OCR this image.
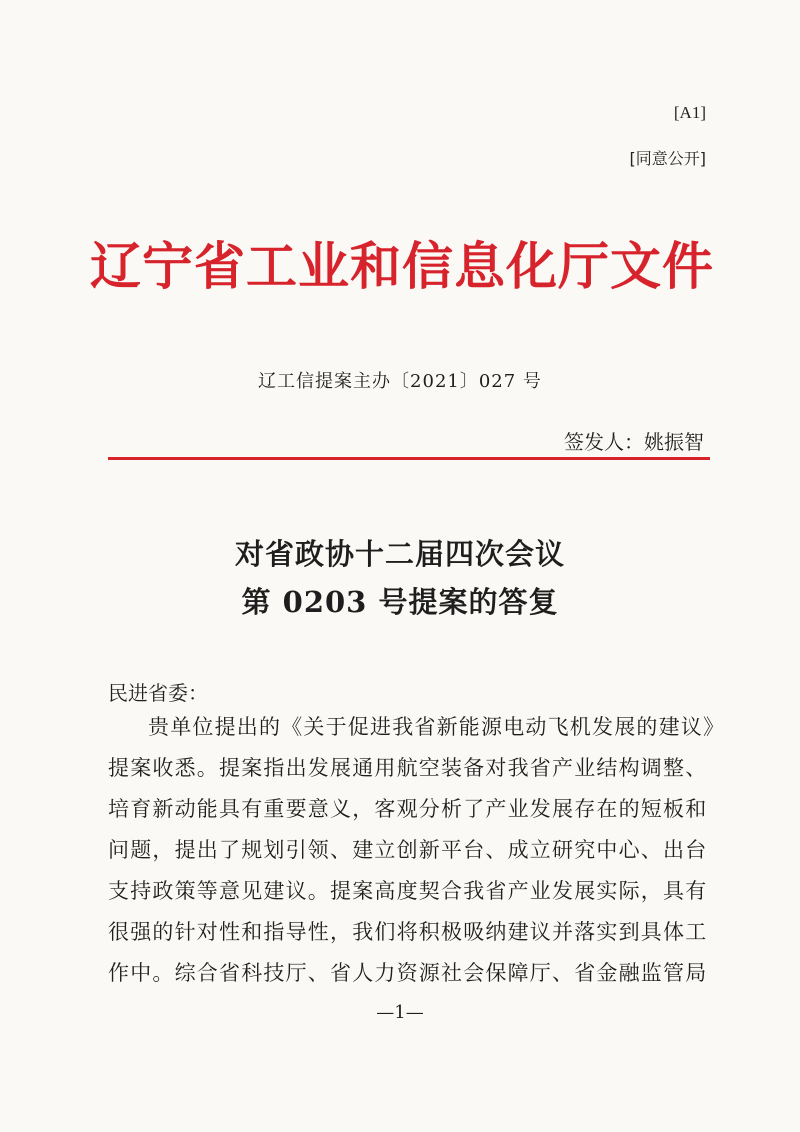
[A1]
[同意公开]
辽宁省工业和信息化厅文件
辽工信提案主办〔2021〕027 号
签发人：姚振智
对省政协十二届四次会议
第 0203 号提案的答复
民进省委：
贵单位提出的《关于促进我省新能源电动飞机发展的建议》
提案收悉。提案指出发展通用航空装备对我省产业结构调整、
培育新动能具有重要意义，客观分析了产业发展存在的短板和
问题，提出了规划引领、建立创新平台、成立研究中心、出台
支持政策等意见建议。提案高度契合我省产业发展实际，具有
很强的针对性和指导性，我们将积极吸纳建议并落实到具体工
作中。综合省科技厅、省人力资源社会保障厅、省金融监管局
—1—
